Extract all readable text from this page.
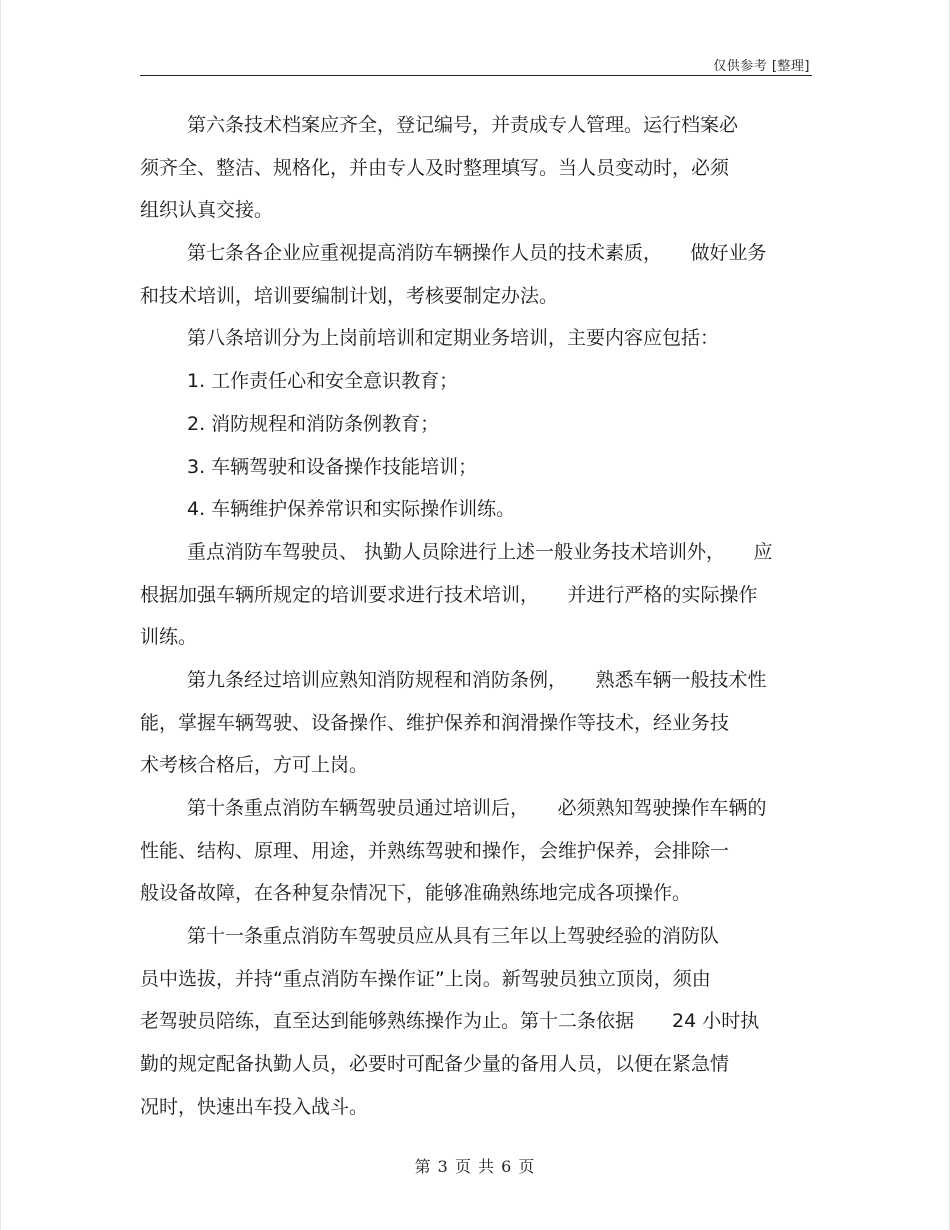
仅供参考 [整理]
第六条技术档案应齐全，登记编号，并责成专人管理。运行档案必
须齐全、整洁、规格化，并由专人及时整理填写。当人员变动时，必须
组织认真交接。
第七条各企业应重视提高消防车辆操作人员的技术素质，　　做好业务
和技术培训，培训要编制计划，考核要制定办法。
第八条培训分为上岗前培训和定期业务培训，主要内容应包括：
1. 工作责任心和安全意识教育；
2. 消防规程和消防条例教育；
3. 车辆驾驶和设备操作技能培训；
4. 车辆维护保养常识和实际操作训练。
重点消防车驾驶员、 执勤人员除进行上述一般业务技术培训外，　　应
根据加强车辆所规定的培训要求进行技术培训，　　并进行严格的实际操作
训练。
第九条经过培训应熟知消防规程和消防条例，　　熟悉车辆一般技术性
能，掌握车辆驾驶、设备操作、维护保养和润滑操作等技术，经业务技
术考核合格后，方可上岗。
第十条重点消防车辆驾驶员通过培训后，　　必须熟知驾驶操作车辆的
性能、结构、原理、用途，并熟练驾驶和操作，会维护保养，会排除一
般设备故障，在各种复杂情况下，能够准确熟练地完成各项操作。
第十一条重点消防车驾驶员应从具有三年以上驾驶经验的消防队
员中选拔，并持“重点消防车操作证”上岗。新驾驶员独立顶岗，须由
老驾驶员陪练，直至达到能够熟练操作为止。第十二条依据　　24 小时执
勤的规定配备执勤人员，必要时可配备少量的备用人员，以便在紧急情
况时，快速出车投入战斗。
第 3 页 共 6 页
